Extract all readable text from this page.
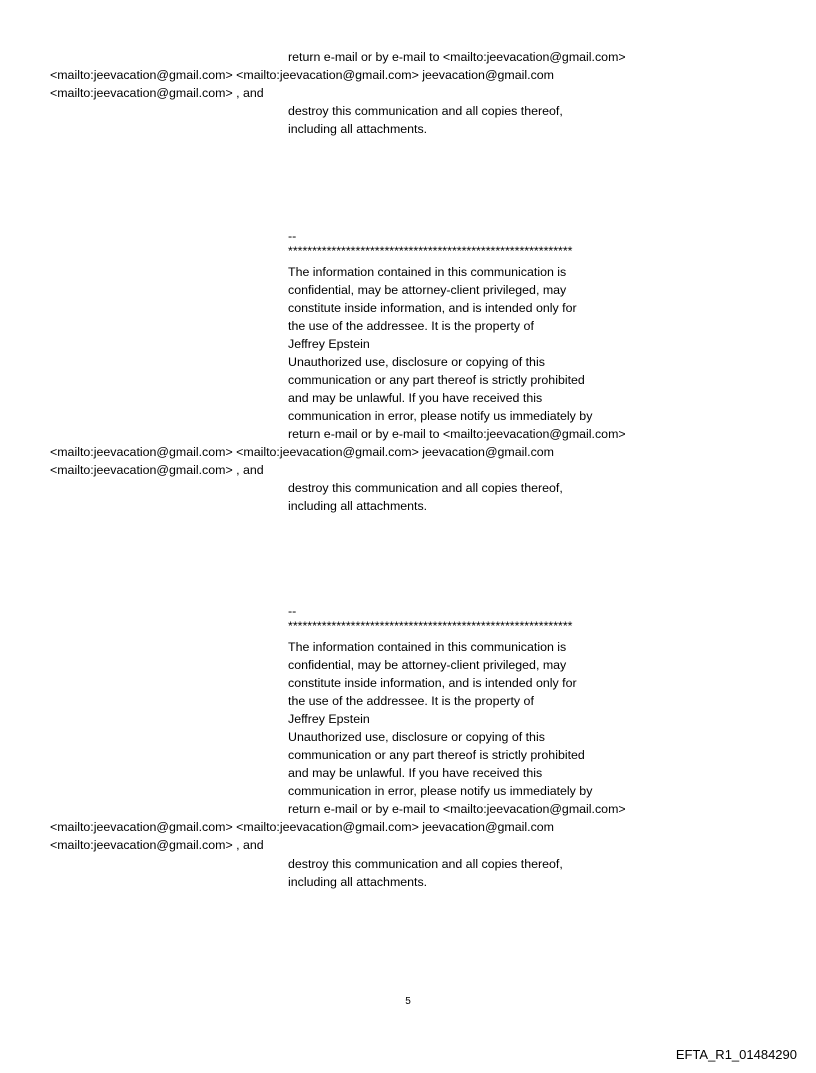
return e-mail or by e-mail to <mailto:jeevacation@gmail.com>
<mailto:jeevacation@gmail.com> <mailto:jeevacation@gmail.com> jeevacation@gmail.com
<mailto:jeevacation@gmail.com> , and
destroy this communication and all copies thereof,
including all attachments.
--
***********************************************************
The information contained in this communication is
confidential, may be attorney-client privileged, may
constitute inside information, and is intended only for
the use of the addressee. It is the property of
Jeffrey Epstein
Unauthorized use, disclosure or copying of this
communication or any part thereof is strictly prohibited
and may be unlawful. If you have received this
communication in error, please notify us immediately by
return e-mail or by e-mail to <mailto:jeevacation@gmail.com>
<mailto:jeevacation@gmail.com> <mailto:jeevacation@gmail.com> jeevacation@gmail.com
<mailto:jeevacation@gmail.com> , and
destroy this communication and all copies thereof,
including all attachments.
--
***********************************************************
The information contained in this communication is
confidential, may be attorney-client privileged, may
constitute inside information, and is intended only for
the use of the addressee. It is the property of
Jeffrey Epstein
Unauthorized use, disclosure or copying of this
communication or any part thereof is strictly prohibited
and may be unlawful. If you have received this
communication in error, please notify us immediately by
return e-mail or by e-mail to <mailto:jeevacation@gmail.com>
<mailto:jeevacation@gmail.com> <mailto:jeevacation@gmail.com> jeevacation@gmail.com
<mailto:jeevacation@gmail.com> , and
destroy this communication and all copies thereof,
including all attachments.
5
EFTA_R1_01484290
